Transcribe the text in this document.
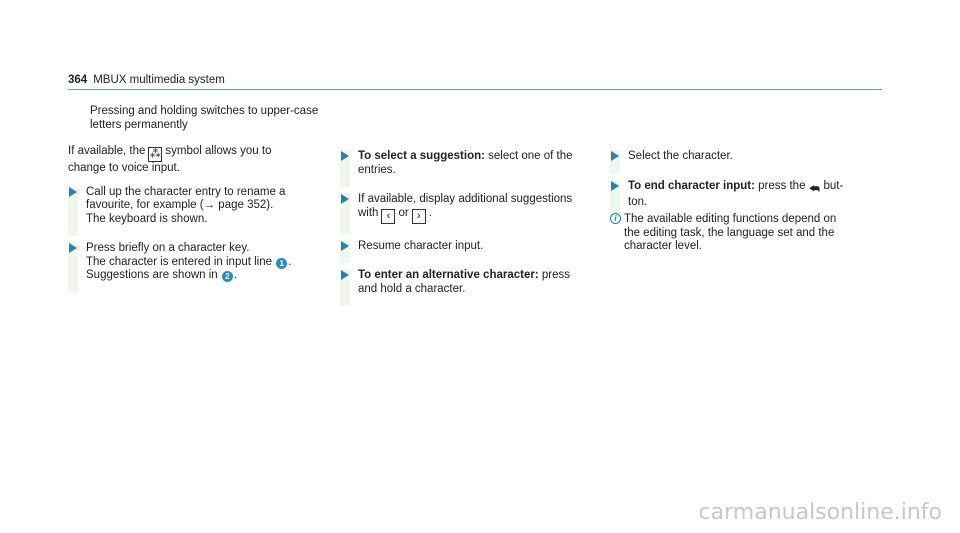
364 MBUX multimedia system

Pressing and holding switches to upper-case

letters permanently

If available, the ⁂ symbol allows you to
change to voice input.

Call up the character entry to rename a

favourite, for example (→ page 352).

The keyboard is shown.

Press briefly on a character key.

The character is entered in input line 1 .

Suggestions are shown in 2 .

To select a suggestion: select one of the

entries.

If available, display additional suggestions

with ‹ or › .

Resume character input.

To enter an alternative character: press

and hold a character.

Select the character.

To end character input: press the ⮪ but-

ton.

i The available editing functions depend on

the editing task, the language set and the

character level.

carmanualsonline.info
